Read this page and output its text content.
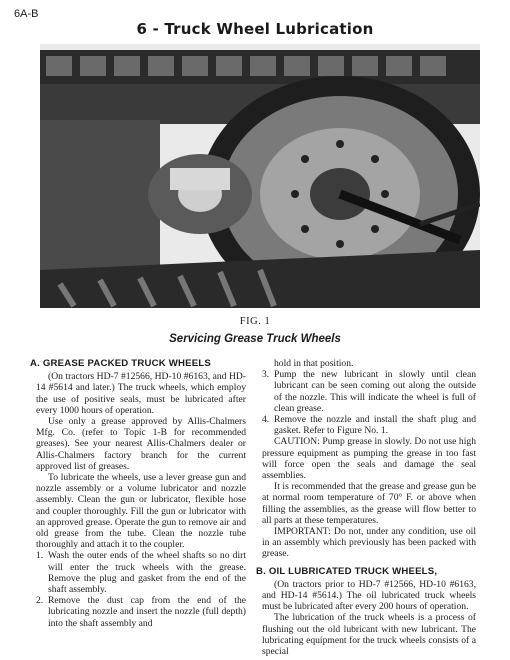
6A-B
6 - Truck Wheel Lubrication
FIG. 1
Servicing Grease Truck Wheels
A. GREASE PACKED TRUCK WHEELS

(On tractors HD-7 #12566, HD-10 #6163, and HD-14 #5614 and later.) The truck wheels, which employ the use of positive seals, must be lubricated after every 1000 hours of operation.

Use only a grease approved by Allis-Chalmers Mfg. Co. (refer to Topic 1-B for recommended greases). See your nearest Allis-Chalmers dealer or Allis-Chalmers factory branch for the current approved list of greases.

To lubricate the wheels, use a lever grease gun and nozzle assembly or a volume lubricator and nozzle assembly. Clean the gun or lubricator, flexible hose and coupler thoroughly. Fill the gun or lubricator with an approved grease. Operate the gun to remove air and old grease from the tube. Clean the nozzle tube thoroughly and attach it to the coupler.

1. Wash the outer ends of the wheel shafts so no dirt will enter the truck wheels with the grease. Remove the plug and gasket from the end of the shaft assembly.
2. Remove the dust cap from the end of the lubricating nozzle and insert the nozzle (full depth) into the shaft assembly and

hold in that position.

3. Pump the new lubricant in slowly until clean lubricant can be seen coming out along the outside of the nozzle. This will indicate the wheel is full of clean grease.
4. Remove the nozzle and install the shaft plug and gasket. Refer to Figure No. 1.

CAUTION: Pump grease in slowly. Do not use high pressure equipment as pumping the grease in too fast will force open the seals and damage the seal assemblies.

It is recommended that the grease and grease gun be at normal room temperature of 70° F. or above when filling the assemblies, as the grease will flow better to all parts at these temperatures.

IMPORTANT: Do not, under any condition, use oil in an assembly which previously has been packed with grease.

B. OIL LUBRICATED TRUCK WHEELS,

(On tractors prior to HD-7 #12566, HD-10 #6163, and HD-14 #5614.) The oil lubricated truck wheels must be lubricated after every 200 hours of operation.

The lubrication of the truck wheels is a process of flushing out the old lubricant with new lubricant. The lubricating equipment for the truck wheels consists of a special
